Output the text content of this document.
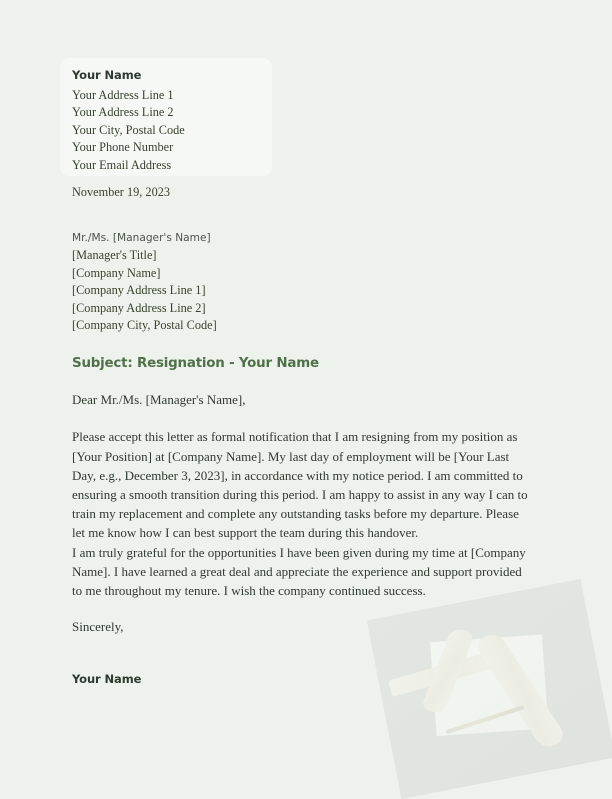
Your Name
Your Address Line 1
Your Address Line 2
Your City, Postal Code
Your Phone Number
Your Email Address
November 19, 2023
Mr./Ms. [Manager's Name]
[Manager's Title]
[Company Name]
[Company Address Line 1]
[Company Address Line 2]
[Company City, Postal Code]
Subject: Resignation - Your Name
Dear Mr./Ms. [Manager's Name],
Please accept this letter as formal notification that I am resigning from my position as [Your Position] at [Company Name]. My last day of employment will be [Your Last Day, e.g., December 3, 2023], in accordance with my notice period. I am committed to ensuring a smooth transition during this period. I am happy to assist in any way I can to train my replacement and complete any outstanding tasks before my departure. Please let me know how I can best support the team during this handover.
I am truly grateful for the opportunities I have been given during my time at [Company Name]. I have learned a great deal and appreciate the experience and support provided to me throughout my tenure. I wish the company continued success.
Sincerely,
Your Name
